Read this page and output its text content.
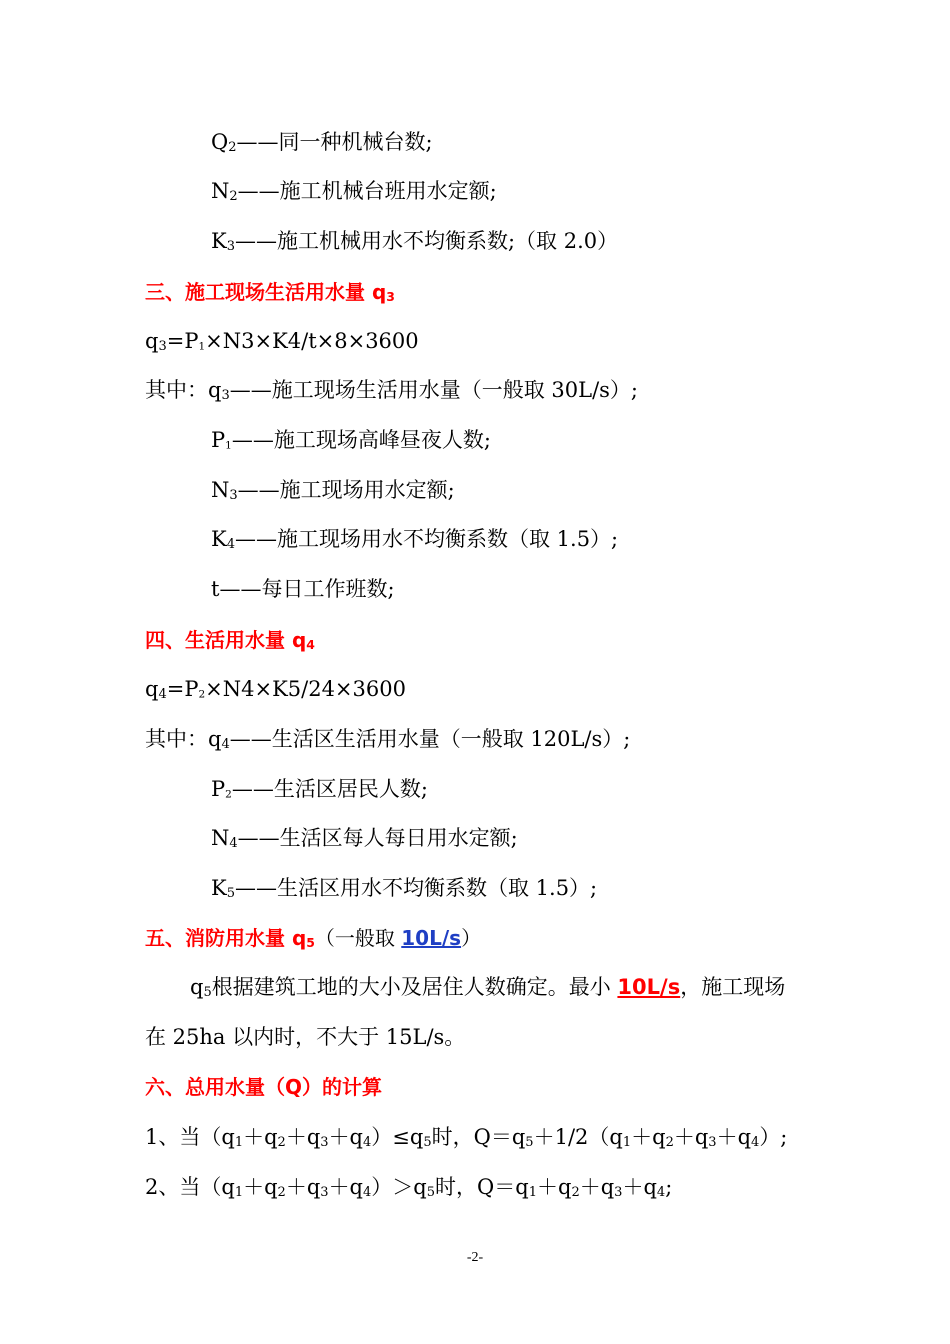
$Q_2——$同一种机械台数;
$N_2——$施工机械台班用水定额;
$K_3——$施工机械用水不均衡系数;（取 2.0）
三、施工现场生活用水量 $q_3$
$q_3=P_1\times N3\times K4/t\times 8\times 3600$
其中：$q_3——$施工现场生活用水量（一般取 30L/s）;
$P_1——$施工现场高峰昼夜人数;
$N_3——$施工现场用水定额;
$K_4——$施工现场用水不均衡系数（取 1.5）;
t——每日工作班数;
四、生活用水量 $q_4$
$q_4=P_2\times N4\times K5/24\times 3600$
其中：$q_4——$生活区生活用水量（一般取 120L/s）;
$P_2——$生活区居民人数;
$N_4——$生活区每人每日用水定额;
$K_5——$生活区用水不均衡系数（取 1.5）;
五、消防用水量 $q_5$（一般取 10L/s）
$q_5$根据建筑工地的大小及居住人数确定。最小 10L/s，施工现场
在 25ha 以内时，不大于 15L/s。
六、总用水量（Q）的计算
1、当$(q_1+q_2+q_3+q_4)\le q_5$时，$Q=q_5+1/2(q_1+q_2+q_3+q_4)$;
2、当$(q_1+q_2+q_3+q_4)>q_5$时，$Q=q_1+q_2+q_3+q_4$;
-2-
